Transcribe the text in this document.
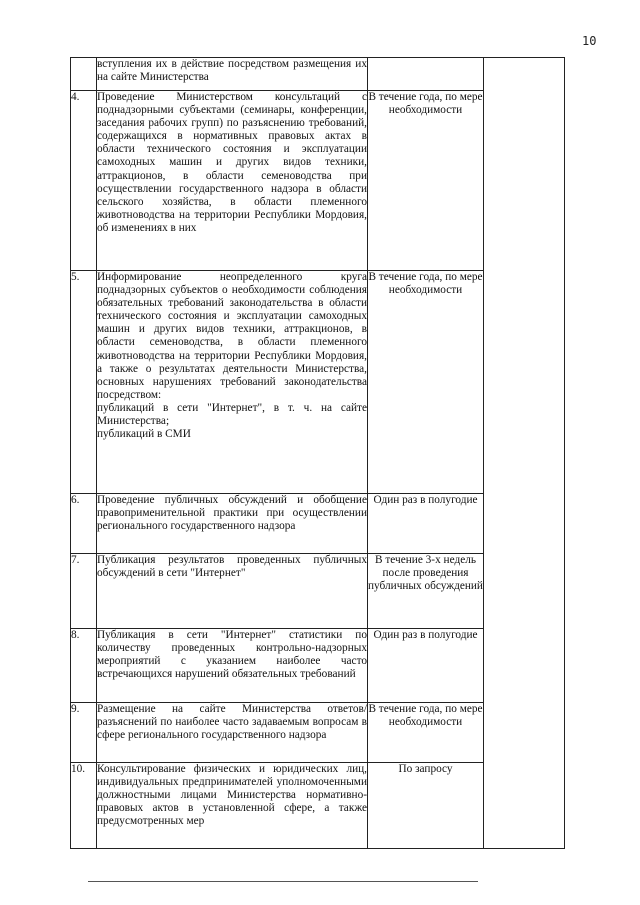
10

	вступления их в действие посредством размещения их на сайте Министерства		

4.	Проведение Министерством консультаций с поднадзорными субъектами (семинары, конференции, заседания рабочих групп) по разъяснению требований, содержащихся в нормативных правовых актах в области технического состояния и эксплуатации самоходных машин и других видов техники, аттракционов, в области семеноводства при осуществлении государственного надзора в области сельского хозяйства, в области племенного животноводства на территории Республики Мордовия, об изменениях в них	В течение года, по мере необходимости	
5.	Информирование неопределенного круга поднадзорных субъектов о необходимости соблюдения обязательных требований законодательства в области технического состояния и эксплуатации самоходных машин и других видов техники, аттракционов, в области семеноводства, в области племенного животноводства на территории Республики Мордовия, а также о результатах деятельности Министерства, основных нарушениях требований законодательства посредством:
публикаций в сети "Интернет", в т. ч. на сайте Министерства;
публикаций в СМИ	В течение года, по мере необходимости	
6.	Проведение публичных обсуждений и обобщение правоприменительной практики при осуществлении регионального государственного надзора	Один раз в полугодие	
7.	Публикация результатов проведенных публичных обсуждений в сети "Интернет"	В течение 3-х недель после проведения публичных обсуждений	
8.	Публикация в сети "Интернет" статистики по количеству проведенных контрольно-надзорных мероприятий с указанием наиболее часто встречающихся нарушений обязательных требований	Один раз в полугодие	
9.	Размещение на сайте Министерства ответов/разъяснений по наиболее часто задаваемым вопросам в сфере регионального государственного надзора	В течение года, по мере необходимости	
10.	Консультирование физических и юридических лиц, индивидуальных предпринимателей уполномоченными должностными лицами Министерства нормативно-правовых актов в установленной сфере, а также предусмотренных мер	По запросу	
